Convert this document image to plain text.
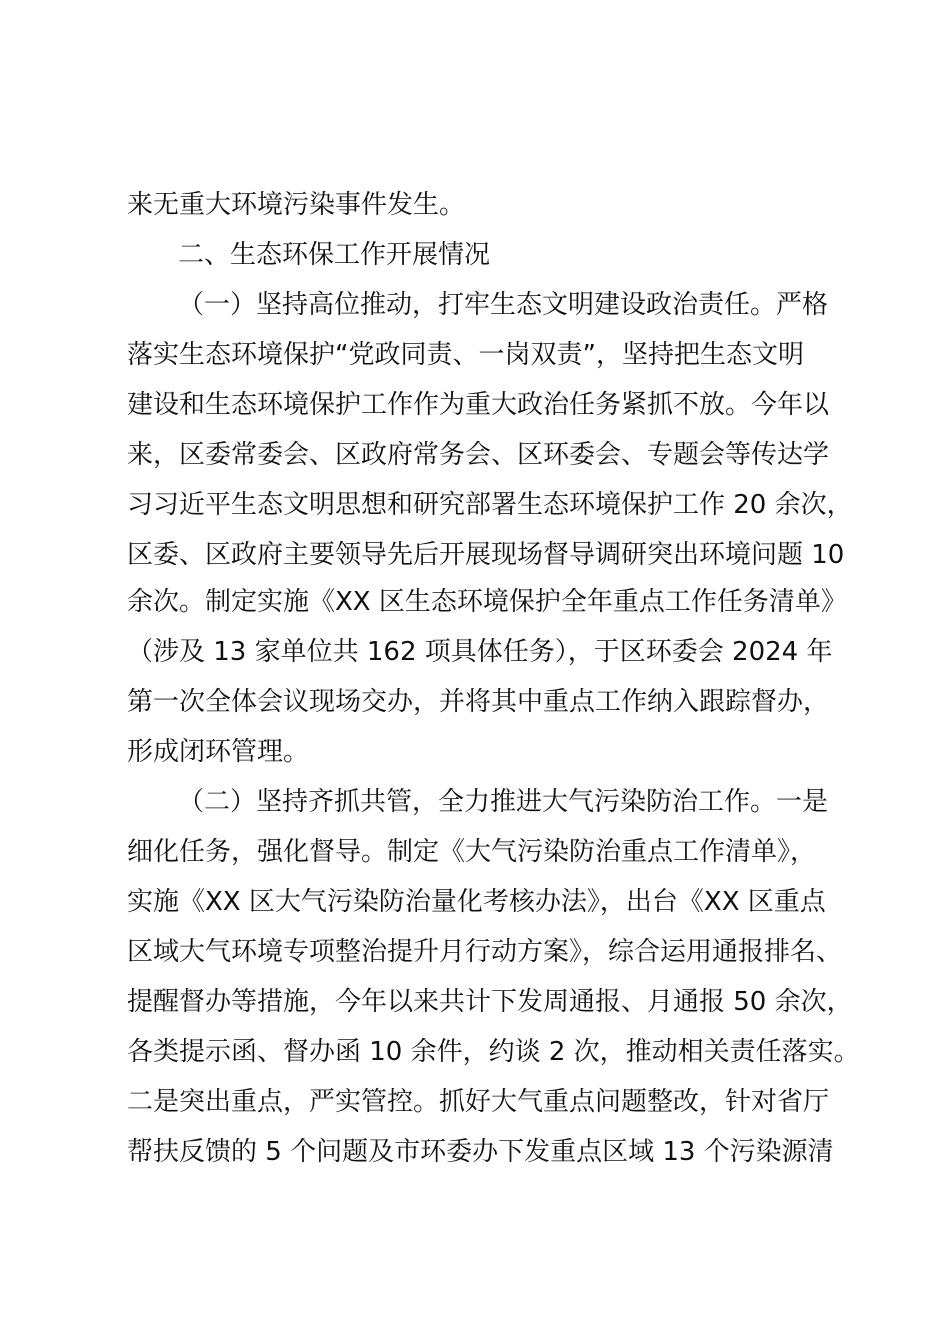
来无重大环境污染事件发生。
二、生态环保工作开展情况
（一）坚持高位推动，打牢生态文明建设政治责任。严格
落实生态环境保护“党政同责、一岗双责”，坚持把生态文明
建设和生态环境保护工作作为重大政治任务紧抓不放。今年以
来，区委常委会、区政府常务会、区环委会、专题会等传达学
习习近平生态文明思想和研究部署生态环境保护工作 20 余次，
区委、区政府主要领导先后开展现场督导调研突出环境问题 10
余次。制定实施《XX 区生态环境保护全年重点工作任务清单》
（涉及 13 家单位共 162 项具体任务），于区环委会 2024 年
第一次全体会议现场交办，并将其中重点工作纳入跟踪督办，
形成闭环管理。
（二）坚持齐抓共管，全力推进大气污染防治工作。一是
细化任务，强化督导。制定《大气污染防治重点工作清单》，
实施《XX 区大气污染防治量化考核办法》，出台《XX 区重点
区域大气环境专项整治提升月行动方案》，综合运用通报排名、
提醒督办等措施，今年以来共计下发周通报、月通报 50 余次，
各类提示函、督办函 10 余件，约谈 2 次，推动相关责任落实。
二是突出重点，严实管控。抓好大气重点问题整改，针对省厅
帮扶反馈的 5 个问题及市环委办下发重点区域 13 个污染源清
